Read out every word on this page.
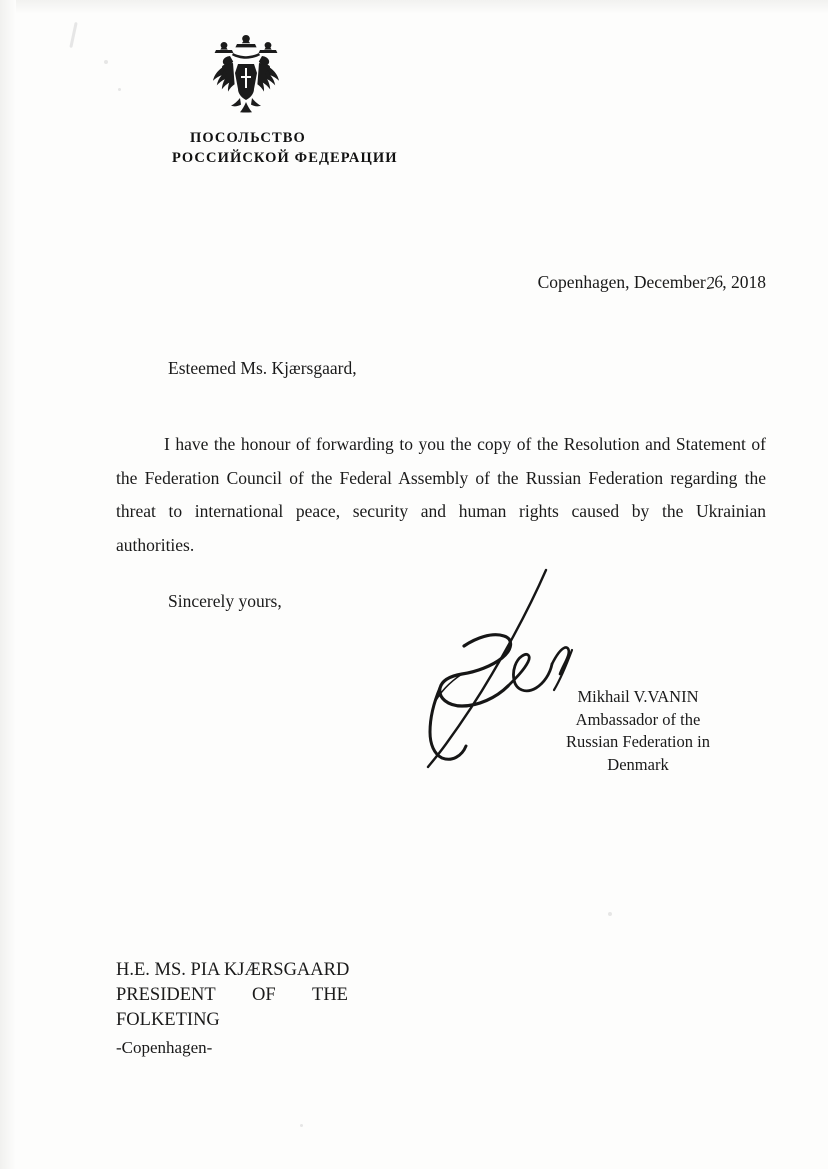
ПОСОЛЬСТВО
РОССИЙСКОЙ ФЕДЕРАЦИИ
Copenhagen, December26, 2018
Esteemed Ms. Kjærsgaard,
I have the honour of forwarding to you the copy of the Resolution and Statement of the Federation Council of the Federal Assembly of the Russian Federation regarding the threat to international peace, security and human rights caused by the Ukrainian authorities.
Sincerely yours,
Mikhail V.VANIN
Ambassador of the
Russian Federation in
Denmark
H.E. MS. PIA KJÆRSGAARD
PRESIDENT OF THE
FOLKETING
-Copenhagen-
